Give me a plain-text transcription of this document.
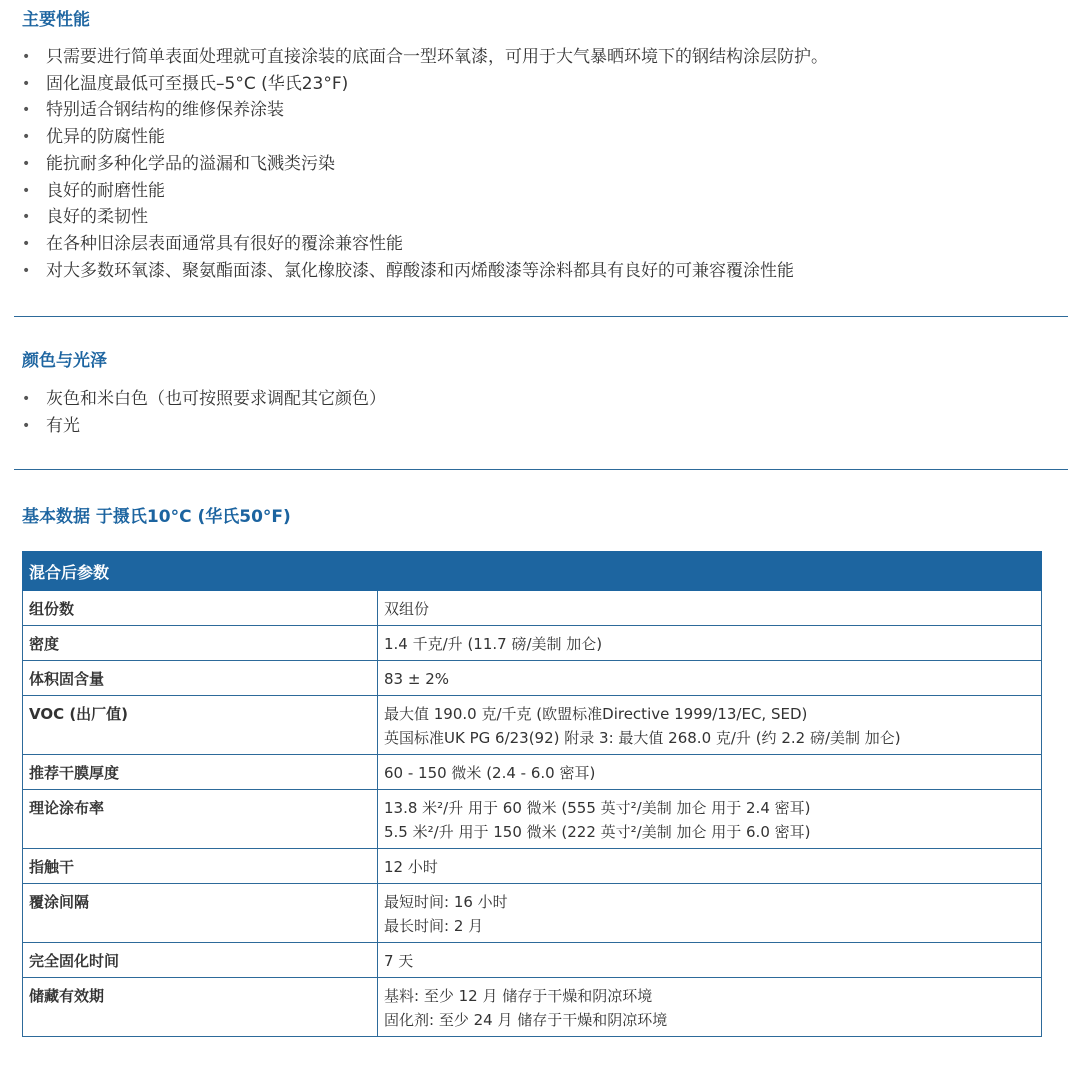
主要性能
• 只需要进行简单表面处理就可直接涂装的底面合一型环氧漆，可用于大气暴晒环境下的钢结构涂层防护。
• 固化温度最低可至摄氏–5°C (华氏23°F)
• 特别适合钢结构的维修保养涂装
• 优异的防腐性能
• 能抗耐多种化学品的溢漏和飞溅类污染
• 良好的耐磨性能
• 良好的柔韧性
• 在各种旧涂层表面通常具有很好的覆涂兼容性能
• 对大多数环氧漆、聚氨酯面漆、氯化橡胶漆、醇酸漆和丙烯酸漆等涂料都具有良好的可兼容覆涂性能
颜色与光泽
• 灰色和米白色（也可按照要求调配其它颜色）
• 有光
基本数据 于摄氏10°C (华氏50°F)
混合后参数	
组份数	双组份

密度	1.4 千克/升 (11.7 磅/美制 加仑)

体积固含量	83 ± 2%

VOC (出厂值)	最大值 190.0 克/千克 (欧盟标准Directive 1999/13/EC, SED)
英国标准UK PG 6/23(92) 附录 3: 最大值 268.0 克/升 (约 2.2 磅/美制 加仑)

推荐干膜厚度	60 - 150 微米 (2.4 - 6.0 密耳)

理论涂布率	13.8 米²/升 用于 60 微米 (555 英寸²/美制 加仑 用于 2.4 密耳)
5.5 米²/升 用于 150 微米 (222 英寸²/美制 加仑 用于 6.0 密耳)

指触干	12 小时

覆涂间隔	最短时间: 16 小时
最长时间: 2 月

完全固化时间	7 天

储藏有效期	基料: 至少 12 月 储存于干燥和阴凉环境
固化剂: 至少 24 月 储存于干燥和阴凉环境
